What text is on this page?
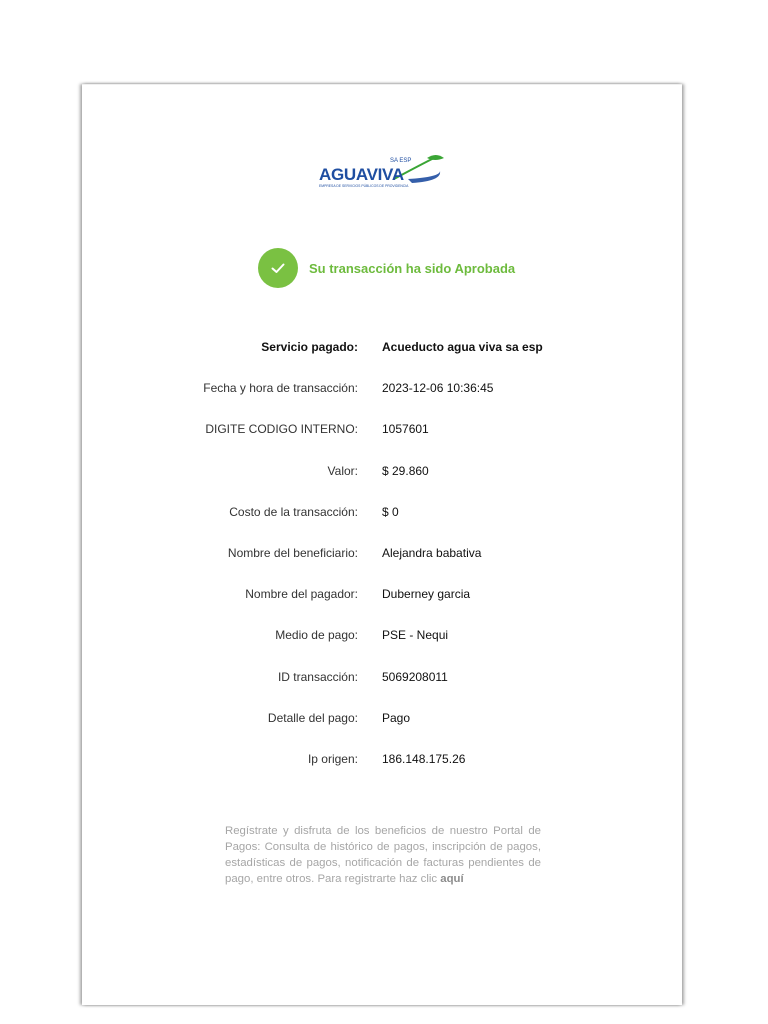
SA ESP
AGUAVIVA
EMPRESA DE SERVICIOS PÚBLICOS DE PROVIDENCIA
Su transacción ha sido Aprobada
Servicio pagado: Acueducto agua viva sa esp
Fecha y hora de transacción: 2023-12-06 10:36:45
DIGITE CODIGO INTERNO: 1057601
Valor: $ 29.860
Costo de la transacción: $ 0
Nombre del beneficiario: Alejandra babativa
Nombre del pagador: Duberney garcia
Medio de pago: PSE - Nequi
ID transacción: 5069208011
Detalle del pago: Pago
Ip origen: 186.148.175.26
Regístrate y disfruta de los beneficios de nuestro Portal de Pagos: Consulta de histórico de pagos, inscripción de pagos, estadísticas de pagos, notificación de facturas pendientes de pago, entre otros. Para registrarte haz clic aquí
